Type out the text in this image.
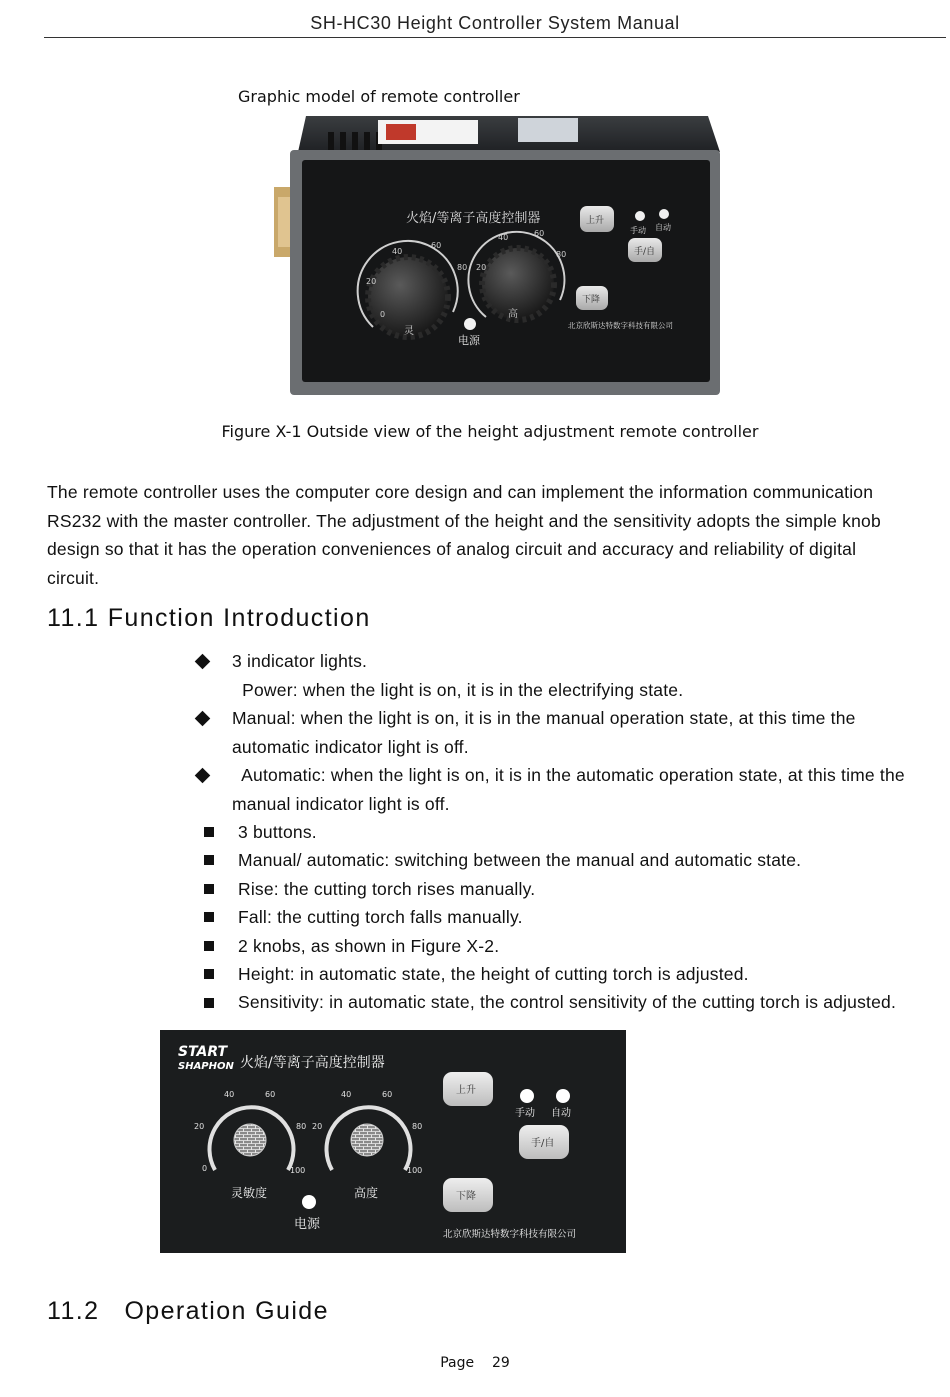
SH-HC30 Height Controller System Manual
Graphic model of remote controller
火焰/等离子高度控制器
0
20
40
60
80
灵
20
40	60
80
高
电源
上升
手/自
下降
手动 自动
北京欣斯达特数字科技有限公司
Figure X-1 Outside view of the height adjustment remote controller
The remote controller uses the computer core design and can implement the information communication
RS232 with the master controller. The adjustment of the height and the sensitivity adopts the simple knob
design so that it has the operation conveniences of analog circuit and accuracy and reliability of digital
circuit.
11.1 Function Introduction
3 indicator lights.
Power: when the light is on, it is in the electrifying state.
Manual: when the light is on, it is in the manual operation state, at this time the
automatic indicator light is off.
Automatic: when the light is on, it is in the automatic operation state, at this time the
manual indicator light is off.
3 buttons.
Manual/ automatic: switching between the manual and automatic state.
Rise: the cutting torch rises manually.
Fall: the cutting torch falls manually.
2 knobs, as shown in Figure X-2.
Height: in automatic state, the height of cutting torch is adjusted.
Sensitivity: in automatic state, the control sensitivity of the cutting torch is adjusted.
START
SHAPHON 火焰/等离子高度控制器
0
20
40	60
80
100
灵敏度
20
40	60
80
100
高度
电源
上升
手/自
下降
手动 自动
北京欣斯达特数字科技有限公司
11.2   Operation Guide
Page 29
